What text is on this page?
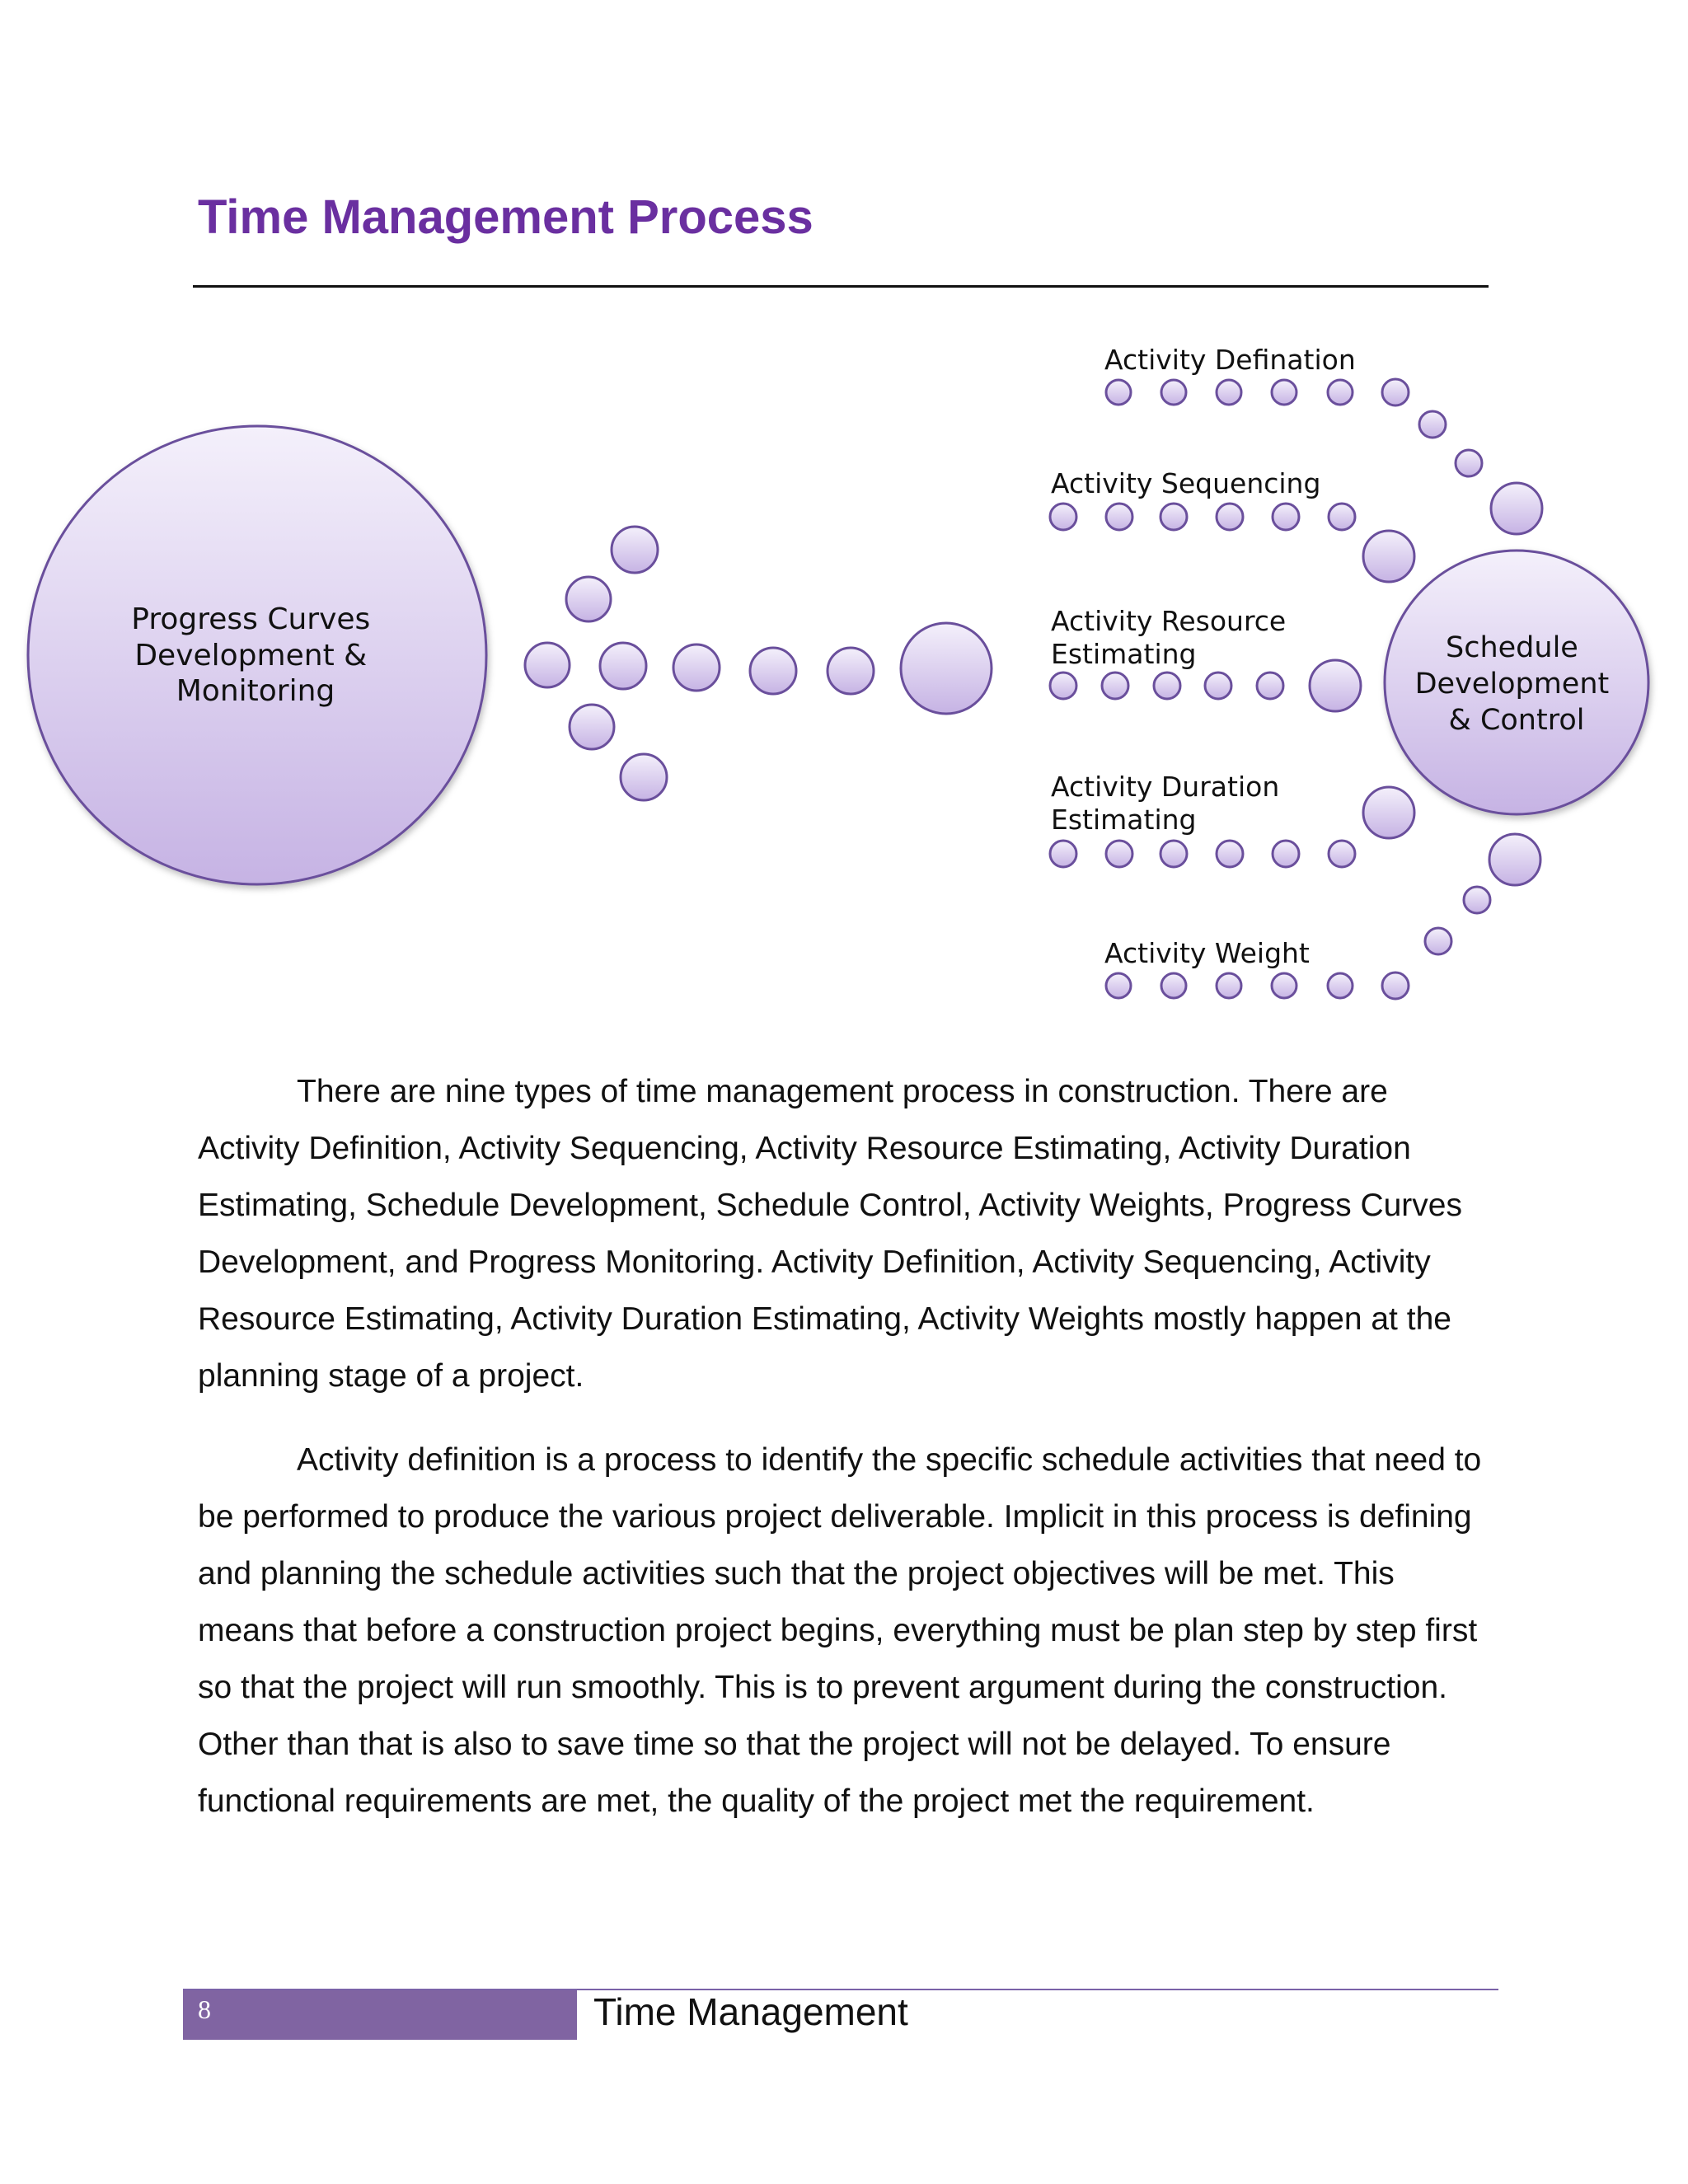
Time Management Process
Progress Curves Development & Monitoring
Schedule Development & Control
Activity Defination
Activity Sequencing
Activity Resource Estimating
Activity Duration Estimating
Activity Weight

There are nine types of time management process in construction. There are Activity Definition, Activity Sequencing, Activity Resource Estimating, Activity Duration Estimating, Schedule Development, Schedule Control, Activity Weights, Progress Curves Development, and Progress Monitoring. Activity Definition, Activity Sequencing, Activity Resource Estimating, Activity Duration Estimating, Activity Weights mostly happen at the planning stage of a project.

Activity definition is a process to identify the specific schedule activities that need to be performed to produce the various project deliverable. Implicit in this process is defining and planning the schedule activities such that the project objectives will be met. This means that before a construction project begins, everything must be plan step by step first so that the project will run smoothly. This is to prevent argument during the construction. Other than that is also to save time so that the project will not be delayed. To ensure functional requirements are met, the quality of the project met the requirement.

8	Time Management
